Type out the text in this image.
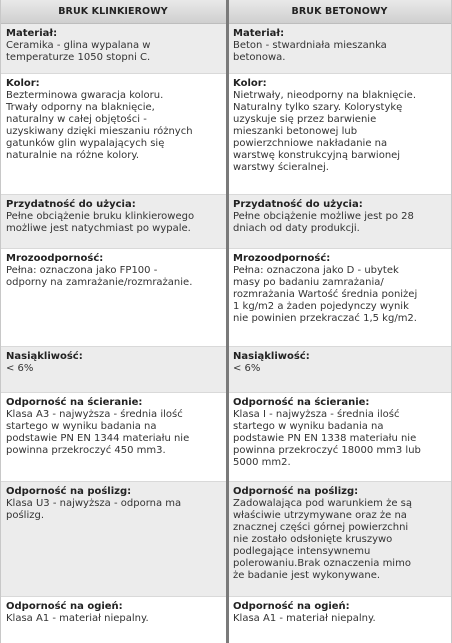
BRUK KLINKIEROWY	BRUK BETONOWY
Materiał:
Ceramika - glina wypalana w
temperaturze 1050 stopni C.
Materiał:
Beton - stwardniała mieszanka
betonowa.
Kolor:
Bezterminowa gwaracja koloru.
Trwały odporny na blaknięcie,
naturalny w całej objętości -
uzyskiwany dzięki mieszaniu różnych
gatunków glin wypalających się
naturalnie na różne kolory.
Kolor:
Nietrwały, nieodporny na blaknięcie.
Naturalny tylko szary. Kolorystykę
uzyskuje się przez barwienie
mieszanki betonowej lub
powierzchniowe nakładanie na
warstwę konstrukcyjną barwionej
warstwy ścieralnej.
Przydatność do użycia:
Pełne obciążenie bruku klinkierowego
możliwe jest natychmiast po wypale.
Przydatność do użycia:
Pełne obciążenie możliwe jest po 28
dniach od daty produkcji.
Mrozoodporność:
Pełna: oznaczona jako FP100 -
odporny na zamrażanie/rozmrażanie.
Mrozoodporność:
Pełna: oznaczona jako D - ubytek
masy po badaniu zamrażania/
rozmrażania Wartość średnia poniżej
1 kg/m2 a żaden pojedynczy wynik
nie powinien przekraczać 1,5 kg/m2.
Nasiąkliwość:
< 6%
Nasiąkliwość:
< 6%
Odporność na ścieranie:
Klasa A3 - najwyższa - średnia ilość
startego w wyniku badania na
podstawie PN EN 1344 materiału nie
powinna przekroczyć 450 mm3.
Odporność na ścieranie:
Klasa I - najwyższa - średnia ilość
startego w wyniku badania na
podstawie PN EN 1338 materiału nie
powinna przekroczyć 18000 mm3 lub
5000 mm2.
Odporność na poślizg:
Klasa U3 - najwyższa - odporna ma
poślizg.
Odporność na poślizg:
Zadowalająca pod warunkiem że są
właściwie utrzymywane oraz że na
znacznej części górnej powierzchni
nie zostało odsłonięte kruszywo
podlegające intensywnemu
polerowaniu.Brak oznaczenia mimo
że badanie jest wykonywane.
Odporność na ogień:
Klasa A1 - materiał niepalny.
Odporność na ogień:
Klasa A1 - materiał niepalny.
